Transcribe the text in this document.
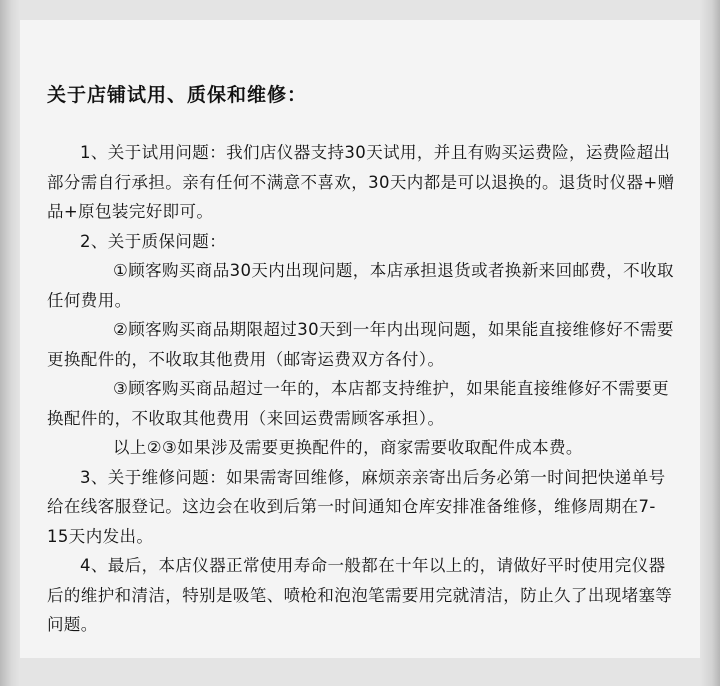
关于店铺试用、质保和维修：

1、关于试用问题：我们店仪器支持30天试用，并且有购买运费险，运费险超出部分需自行承担。亲有任何不满意不喜欢，30天内都是可以退换的。退货时仪器+赠品+原包装完好即可。

2、关于质保问题：

①顾客购买商品30天内出现问题，本店承担退货或者换新来回邮费，不收取任何费用。

②顾客购买商品期限超过30天到一年内出现问题，如果能直接维修好不需要更换配件的，不收取其他费用（邮寄运费双方各付）。

③顾客购买商品超过一年的，本店都支持维护，如果能直接维修好不需要更换配件的，不收取其他费用（来回运费需顾客承担）。

以上②③如果涉及需要更换配件的，商家需要收取配件成本费。

3、关于维修问题：如果需寄回维修，麻烦亲亲寄出后务必第一时间把快递单号给在线客服登记。这边会在收到后第一时间通知仓库安排准备维修，维修周期在7-15天内发出。

4、最后，本店仪器正常使用寿命一般都在十年以上的，请做好平时使用完仪器后的维护和清洁，特别是吸笔、喷枪和泡泡笔需要用完就清洁，防止久了出现堵塞等问题。
